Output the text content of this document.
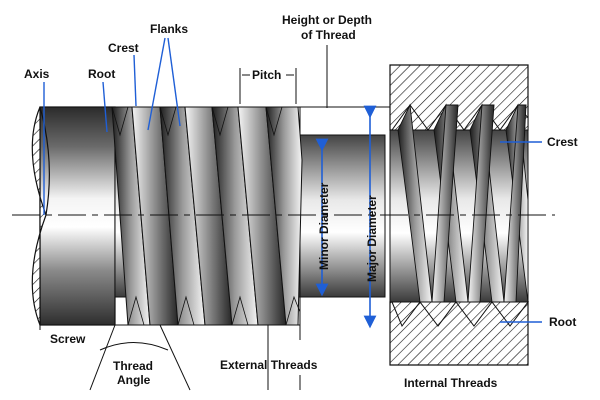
Axis	Root
Crest
Flanks
Pitch
Height or Depth
of Thread
Crest
Root
Screw
Thread
Angle
External Threads
Internal Threads
Minor Diameter	Major Diameter
